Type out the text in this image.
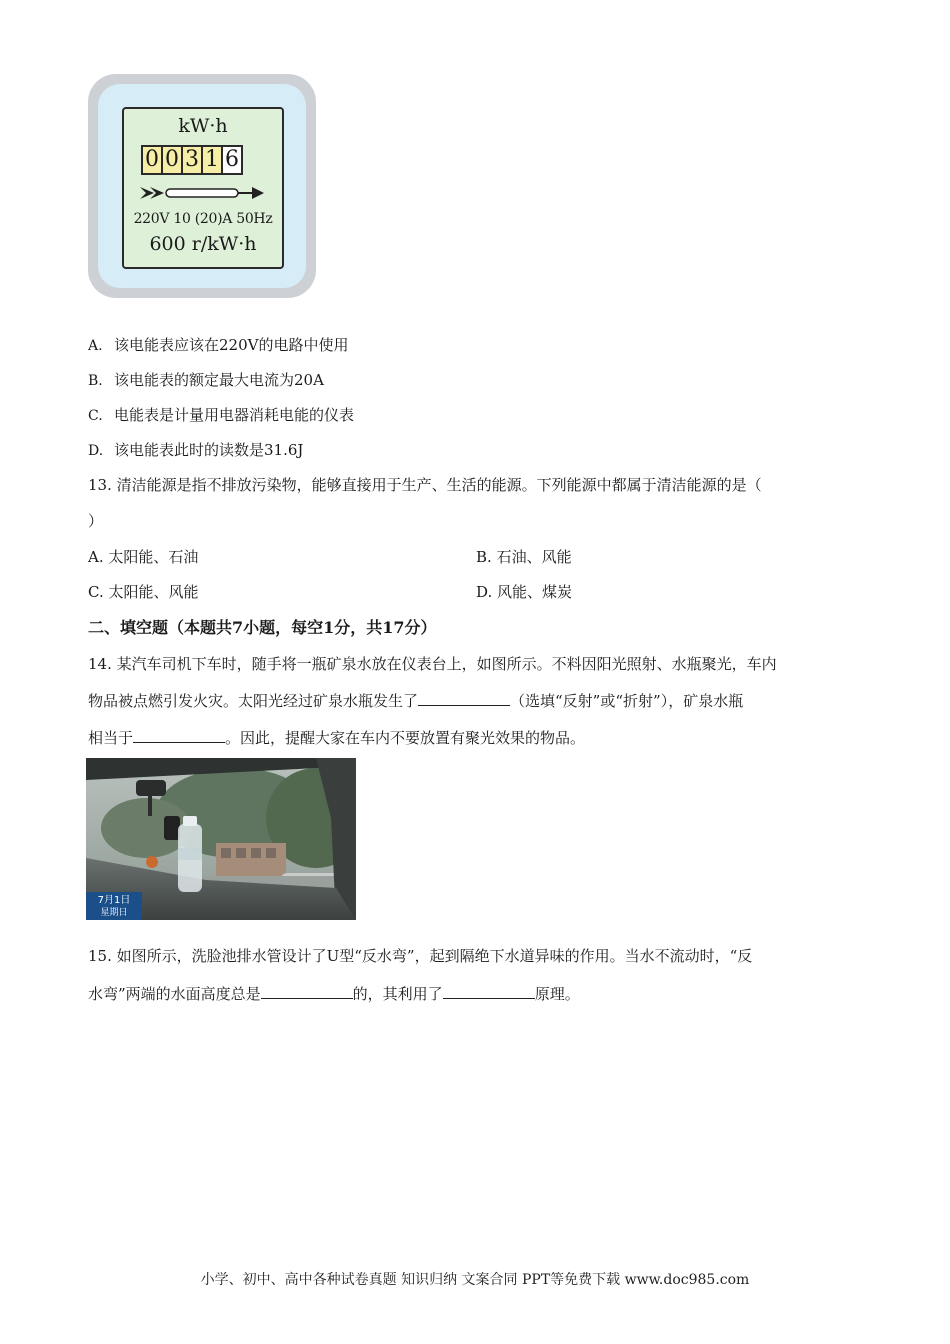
kW·h
0 0 3 1 6
220V 10 (20)A 50Hz
600 r/kW·h
A. 该电能表应该在220V的电路中使用
B. 该电能表的额定最大电流为20A
C. 电能表是计量用电器消耗电能的仪表
D. 该电能表此时的读数是31.6J
13. 清洁能源是指不排放污染物，能够直接用于生产、生活的能源。下列能源中都属于清洁能源的是（
）
A. 太阳能、石油	B. 石油、风能
C. 太阳能、风能	D. 风能、煤炭
二、填空题（本题共7小题，每空1分，共17分）
14. 某汽车司机下车时，随手将一瓶矿泉水放在仪表台上，如图所示。不料因阳光照射、水瓶聚光，车内
物品被点燃引发火灾。太阳光经过矿泉水瓶发生了	（选填“反射”或“折射”），矿泉水瓶
相当于	。因此，提醒大家在车内不要放置有聚光效果的物品。
7月1日
星期日
15. 如图所示，洗脸池排水管设计了U型“反水弯”，起到隔绝下水道异味的作用。当水不流动时，“反
水弯”两端的水面高度总是	的，其利用了	原理。
小学、初中、高中各种试卷真题 知识归纳 文案合同 PPT等免费下载 www.doc985.com
